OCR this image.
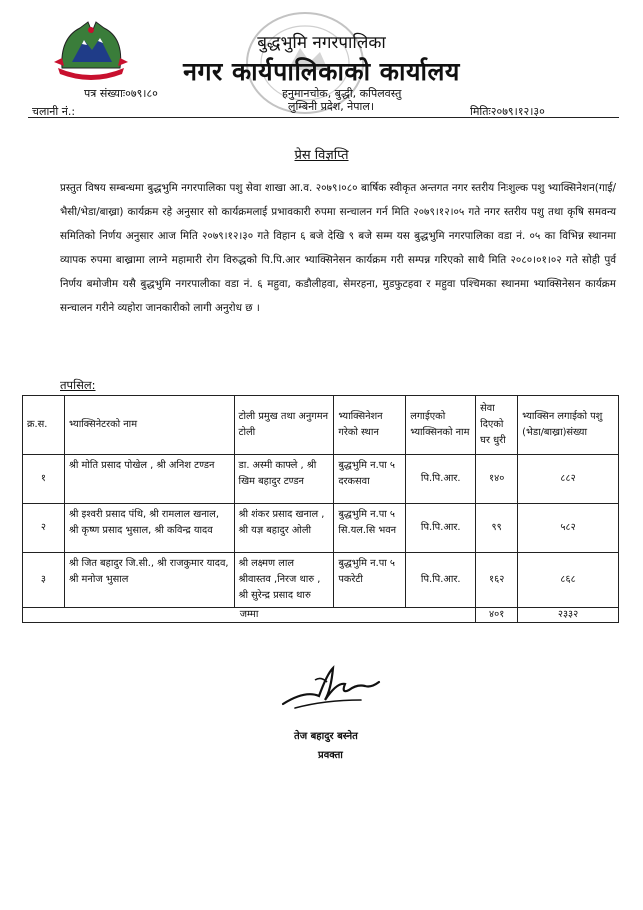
बुद्धभुमि नगरपालिका
नगर कार्यपालिकाको कार्यालय
पत्र संख्याः०७९।८०	हनुमानचोक, बुद्धी, कपिलवस्तु
लुम्बिनी प्रदेश, नेपाल।
चलानी नं.:	मितिः२०७९।१२।३०
प्रेस विज्ञप्ति

प्रस्तुत विषय सम्बन्धमा बुद्धभुमि नगरपालिका पशु सेवा शाखा आ.व. २०७९।०८० बार्षिक स्वीकृत अन्तगत नगर स्तरीय निःशुल्क पशु भ्याक्सिनेशन(गाई/भैसी/भेडा/बाख्रा) कार्यक्रम रहे अनुसार सो कार्यक्रमलाई प्रभावकारी रुपमा सन्चालन गर्न मिति २०७९।१२।०५ गते नगर स्तरीय पशु तथा कृषि समवन्य समितिको निर्णय अनुसार आज मिति २०७९।१२।३० गते विहान ६ बजे देखि ९ बजे सम्म यस बुद्धभुमि नगरपालिका वडा नं. ०५ का विभिन्न स्थानमा व्यापक रुपमा बाख्रामा लाग्ने महामारी रोग विरुद्धको पि.पि.आर भ्याक्सिनेसन कार्यक्रम गरी सम्पन्न गरिएको साथै मिति २०८०।०१।०२ गते सोही पुर्व निर्णय बमोजीम यसै बुद्धभुमि नगरपालीका वडा नं. ६ महुवा, कडौलीहवा, सेमरहना, मुडफुटहवा र महुवा पश्चिमका स्थानमा भ्याक्सिनेसन कार्यक्रम सन्चालन गरीने व्यहोरा जानकारीको लागी अनुरोध छ ।

तपसिल:
क्र.स.	भ्याक्सिनेटरको नाम	टोली प्रमुख तथा अनुगमन टोली	भ्याक्सिनेशन गरेको स्थान	लगाईएको भ्याक्सिनको नाम	सेवा दिएको घर धुरी	भ्याक्सिन लगाईको पशु (भेडा/बाख्रा)संख्या
१	श्री मोति प्रसाद पोखेल , श्री अनिश टण्डन	डा. अस्मी काफ्ले , श्री खिम बहादुर टण्डन	बुद्धभुमि न.पा ५ दरकसवा	पि.पि.आर.	१४०	८८२
२	श्री इश्वरी प्रसाद पंथि, श्री रामलाल खनाल, श्री कृष्ण प्रसाद भुसाल, श्री कविन्द्र यादव	श्री शंकर प्रसाद खनाल , श्री यज्ञ बहादुर ओली	बुद्धभुमि न.पा ५ सि.यल.सि भवन	पि.पि.आर.	९९	५८२
३	श्री जित बहादुर जि.सी., श्री राजकुमार यादव, श्री मनोज भुसाल	श्री लक्ष्मण लाल श्रीवास्तव ,निरज थारु , श्री सुरेन्द्र प्रसाद थारु	बुद्धभुमि न.पा ५ पकरेटी	पि.पि.आर.	१६२	८६८
जम्मा					४०१	२३३२
तेज बहादुर बस्नेत
प्रवक्ता
